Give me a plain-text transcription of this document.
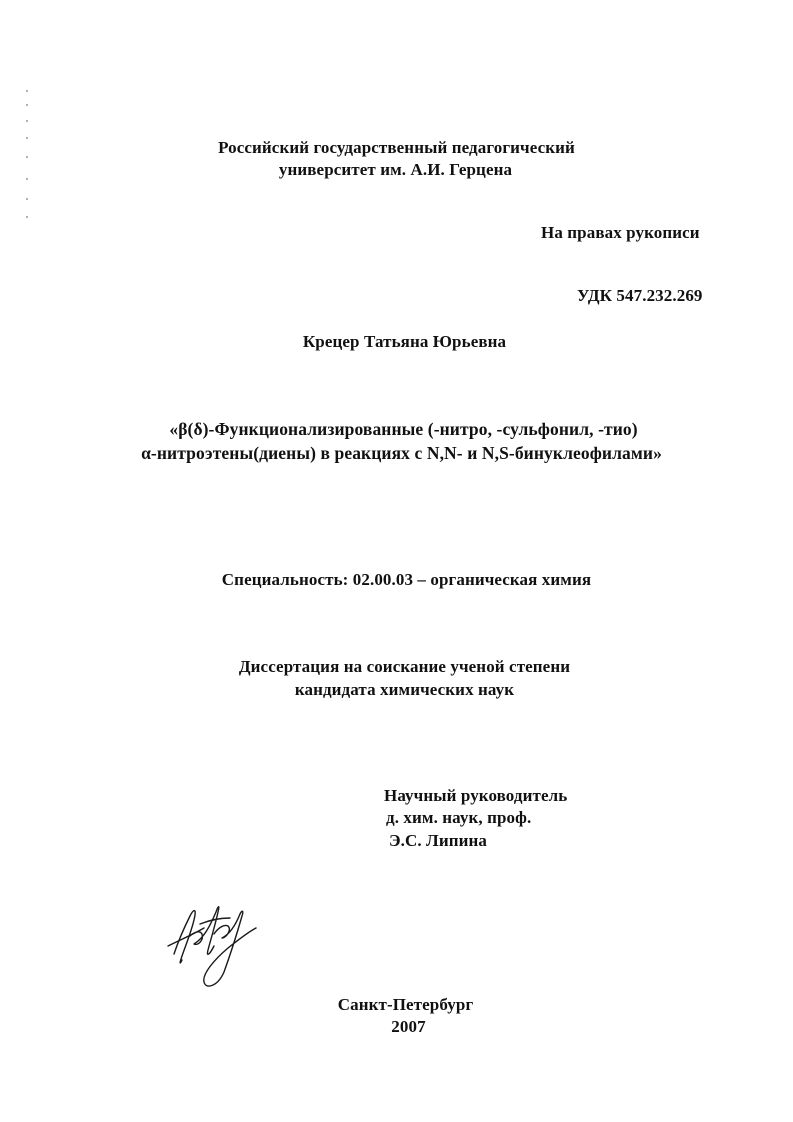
Российский государственный педагогический
университет им. А.И. Герцена
На правах рукописи
УДК 547.232.269
Крецер Татьяна Юрьевна
«β(δ)-Функционализированные (-нитро, -сульфонил, -тио)
α-нитроэтены(диены) в реакциях с N,N- и N,S-бинуклеофилами»
Специальность: 02.00.03 – органическая химия
Диссертация на соискание ученой степени
кандидата химических наук
Научный руководитель
д. хим. наук, проф.
Э.С. Липина
Санкт-Петербург
2007
